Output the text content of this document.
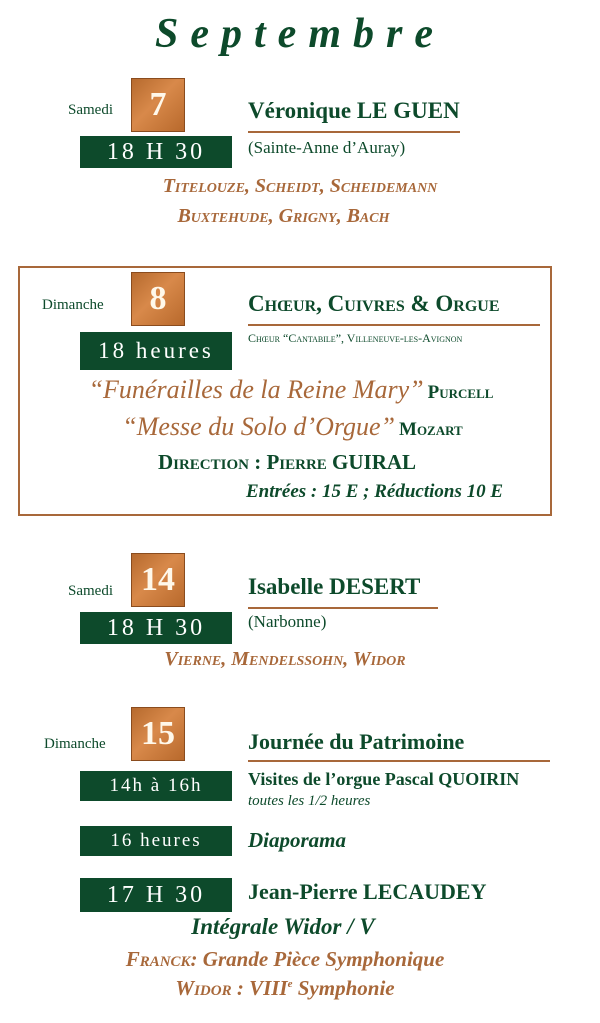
Septembre
Samedi	7
18 H 30
Véronique LE GUEN
(Sainte-Anne d’Auray)
Titelouze, Scheidt, Scheidemann
Buxtehude, Grigny, Bach
Dimanche	8
18 heures
Chœur, Cuivres & Orgue
Chœur “Cantabile”, Villeneuve-les-Avignon
“Funérailles de la Reine Mary” Purcell
“Messe du Solo d’Orgue” Mozart
Direction : Pierre GUIRAL
Entrées : 15 E ; Réductions 10 E
Samedi 14
18 H 30
Isabelle DESERT
(Narbonne)
Vierne, Mendelssohn, Widor
Dimanche 15	Journée du Patrimoine
14h à 16h	Visites de l’orgue Pascal QUOIRIN
toutes les 1/2 heures
16 heures	Diaporama
17 H 30	Jean-Pierre LECAUDEY
Intégrale Widor / V
Franck: Grande Pièce Symphonique
Widor : VIIIe Symphonie
